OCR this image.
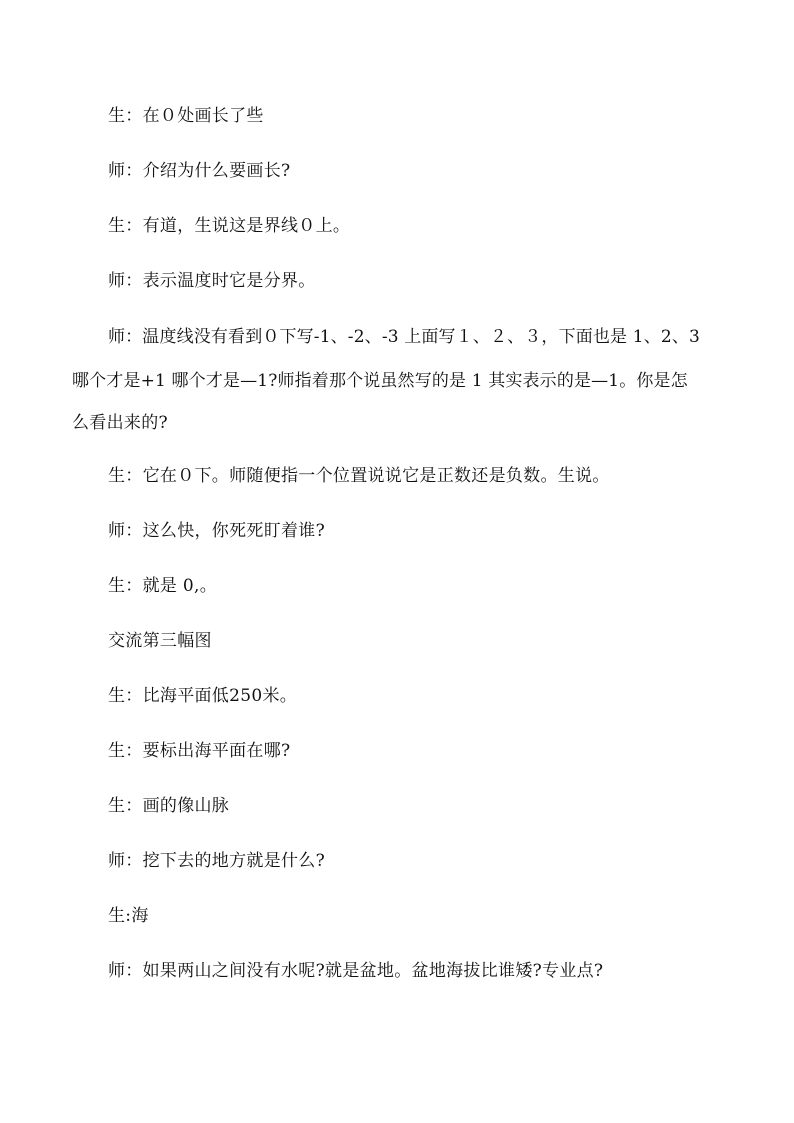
生：在０处画长了些

师：介绍为什么要画长?

生：有道，生说这是界线０上。

师：表示温度时它是分界。

师：温度线没有看到０下写-1、-2、-3 上面写１、２、３，下面也是 1、2、3

哪个才是+1 哪个才是—1?师指着那个说虽然写的是 1 其实表示的是—1。你是怎

么看出来的?

生：它在０下。师随便指一个位置说说它是正数还是负数。生说。

师：这么快，你死死盯着谁?

生：就是 0,。

交流第三幅图

生：比海平面低250米。

生：要标出海平面在哪?

生：画的像山脉

师：挖下去的地方就是什么?

生:海

师：如果两山之间没有水呢?就是盆地。盆地海拔比谁矮?专业点?
